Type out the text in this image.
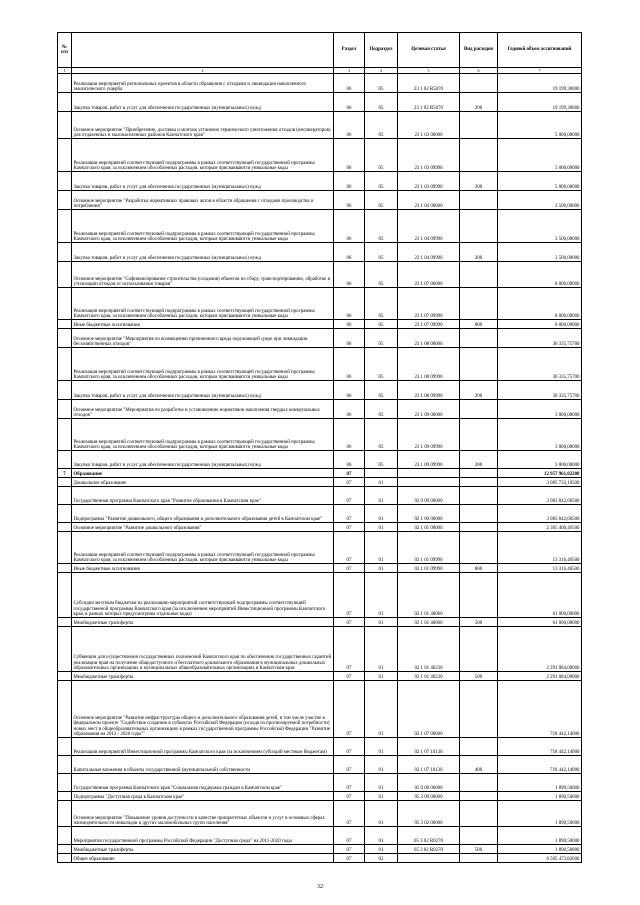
№ п/п		Раздел	Подраздел	Целевая статья	Вид расходов	Годовой объем ассигнований
1	2	3	4	5	6	7
	Реализация мероприятий региональных проектов в области обращения с отходами и ликвидации накопленного экологического ущерба	06	05	23 1 02 R5070		19 199,30000
	Закупка товаров, работ и услуг для обеспечения государственных (муниципальных) нужд	06	05	23 1 02 R5070	200	19 199,30000
	Основное мероприятие "Приобретение, доставка и монтаж установок термического уничтожения отходов (инсинераторов) для отдаленных и малонаселенных районов Камчатского края"	06	05	23 1 03 00000		5 000,00000
	Реализация мероприятий соответствующей подпрограммы в рамках соответствующей государственной программы Камчатского края, за исключением обособленных расходов, которым присваиваются уникальные коды	06	05	23 1 03 09990		5 000,00000
	Закупка товаров, работ и услуг для обеспечения государственных (муниципальных) нужд	06	05	23 1 03 09990	200	5 000,00000
	Основное мероприятие "Разработка нормативных правовых актов в области обращения с отходами производства и потребления"	06	05	23 1 04 00000		3 500,00000
	Реализация мероприятий соответствующей подпрограммы в рамках соответствующей государственной программы Камчатского края, за исключением обособленных расходов, которым присваиваются уникальные коды	06	05	23 1 04 09990		3 500,00000
	Закупка товаров, работ и услуг для обеспечения государственных (муниципальных) нужд	06	05	23 1 04 09990	200	3 500,00000
	Основное мероприятие "Софинансирование строительства (создания) объектов по сбору, транспортированию, обработке и утилизации отходов от использования товаров"	06	05	23 1 07 00000		8 000,00000
	Реализация мероприятий соответствующей подпрограммы в рамках соответствующей государственной программы Камчатского края, за исключением обособленных расходов, которым присваиваются уникальные коды	06	05	23 1 07 09990		8 000,00000
	Иные бюджетные ассигнования	06	05	23 1 07 09990	800	8 000,00000
	Основное мероприятие "Мероприятия по возмещению причиненного вреда окружающей среде при ликвидации бесхозяйственных отходов"	06	05	23 1 08 00000		30 335,75700
	Реализация мероприятий соответствующей подпрограммы в рамках соответствующей государственной программы Камчатского края, за исключением обособленных расходов, которым присваиваются уникальные коды	06	05	23 1 08 09990		30 335,75700
	Закупка товаров, работ и услуг для обеспечения государственных (муниципальных) нужд	06	05	23 1 08 09990	200	30 335,75700
	Основное мероприятие "Мероприятия по разработке и установлению нормативов накопления твердых коммунальных отходов"	06	05	23 1 09 00000		3 000,00000
	Реализация мероприятий соответствующей подпрограммы в рамках соответствующей государственной программы Камчатского края, за исключением обособленных расходов, которым присваиваются уникальные коды	06	05	23 1 09 09990		3 000,00000
	Закупка товаров, работ и услуг для обеспечения государственных (муниципальных) нужд	06	05	23 1 09 09990	200	3 000,00000
7	Образование	07				12 957 961,02200
	Дошкольное образование	07	01			3 085 733,10500
	Государственная программа Камчатского края "Развитие образования в Камчатском крае"	07	01	02 0 00 00000		3 083 842,60500
	Подпрограмма "Развитие дошкольного, общего образования и дополнительного образования детей в Камчатском крае"	07	01	02 1 00 00000		3 083 842,60500
	Основное мероприятие "Развитие дошкольного образования"	07	01	02 1 01 00000		2 365 400,46500
	Реализация мероприятий соответствующей подпрограммы в рамках соответствующей государственной программы Камчатского края, за исключением обособленных расходов, которым присваиваются уникальные коды	07	01	02 1 01 09990		13 316,46500
	Иные бюджетные ассигнования	07	01	02 1 01 09990	800	13 316,46500
	Субсидии местным бюджетам на реализацию мероприятий соответствующей подпрограммы соответствующей государственной программы Камчатского края (за исключением мероприятий Инвестиционной программы Камчатского края, в рамках которых предусмотрены отдельные коды)	07	01	02 1 01 40060		61 000,00000
	Межбюджетные трансферты	07	01	02 1 01 40060	500	61 000,00000
	Субвенции для осуществления государственных полномочий Камчатского края по обеспечению государственных гарантий реализации прав на получение общедоступного и бесплатного дошкольного образования в муниципальных дошкольных образовательных организациях и муниципальных общеобразовательных организациях в Камчатском крае	07	01	02 1 01 40230		2 291 084,00000
	Межбюджетные трансферты	07	01	02 1 01 40230	500	2 291 084,00000
	Основное мероприятие "Развитие инфраструктуры общего и дополнительного образования детей, в том числе участие в федеральном проекте "Содействие созданию в субъектах Российской Федерации (исходя из прогнозируемой потребности) новых мест в общеобразовательных организациях в рамках государственной программы Российской Федерации "Развитие образования на 2013 - 2020 годы""	07	01	02 1 07 00000		718 442,14000
	Реализация мероприятий Инвестиционной программы Камчатского края (за исключением субсидий местным бюджетам)	07	01	02 1 07 10130		718 442,14000
	Капитальные вложения в объекты государственной (муниципальной) собственности	07	01	02 1 07 10130	400	718 442,14000
	Государственная программа Камчатского края "Социальная поддержка граждан в Камчатском крае"	07	01	05 0 00 00000		1 890,50000
	Подпрограмма "Доступная среда в Камчатском крае"	07	01	05 3 00 00000		1 890,50000
	Основное мероприятие "Повышение уровня доступности в качестве приоритетных объектов и услуг в основных сферах жизнедеятельности инвалидов и других маломобильных групп населения"	07	01	05 3 02 00000		1 890,50000
	Мероприятия государственной программы Российской Федерации "Доступная среда" на 2011-2020 годы	07	01	05 3 02 R0270		1 890,50000
	Межбюджетные трансферты	07	01	05 3 02 R0270	500	1 890,50000
	Общее образование	07	02			6 505 473,82600
32
